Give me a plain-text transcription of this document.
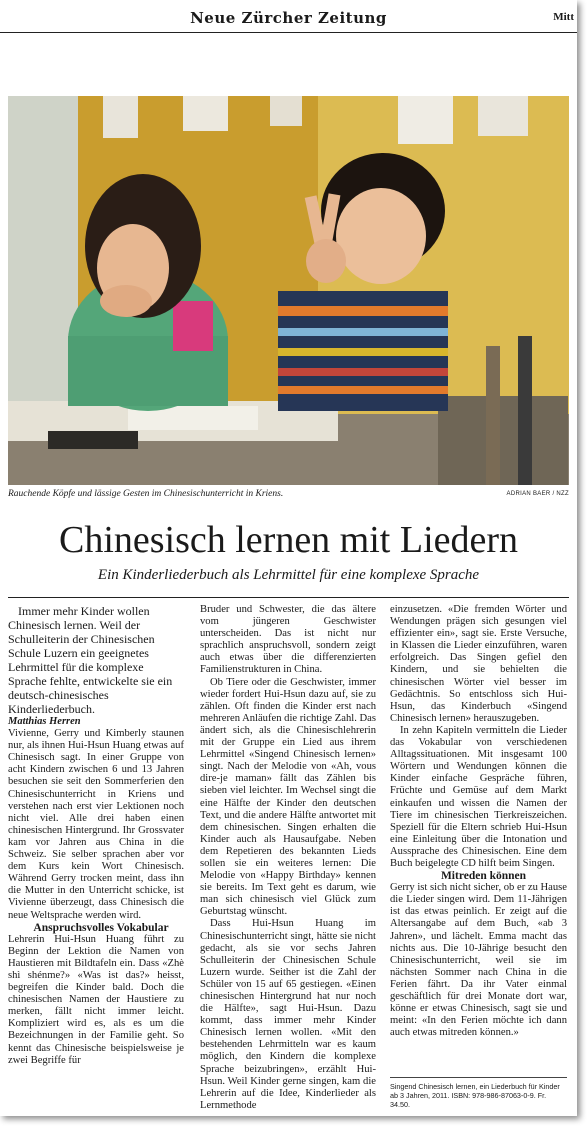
Neue Zürcher Zeitung	Mitt
Rauchende Köpfe und lässige Gesten im Chinesischunterricht in Kriens.	ADRIAN BAER / NZZ
Chinesisch lernen mit Liedern
Ein Kinderliederbuch als Lehrmittel für eine komplexe Sprache

Immer mehr Kinder wollen Chinesisch lernen. Weil der Schulleiterin der Chinesischen Schule Luzern ein geeignetes Lehrmittel für die komplexe Sprache fehlte, entwickelte sie ein deutsch-chinesisches Kinderliederbuch.

Matthias Herren

Vivienne, Gerry und Kimberly staunen nur, als ihnen Hui-Hsun Huang etwas auf Chinesisch sagt. In einer Gruppe von acht Kindern zwischen 6 und 13 Jahren besuchen sie seit den Sommerferien den Chinesischunterricht in Kriens und verstehen nach erst vier Lektionen noch nicht viel. Alle drei haben einen chinesischen Hintergrund. Ihr Grossvater kam vor Jahren aus China in die Schweiz. Sie selber sprachen aber vor dem Kurs kein Wort Chinesisch. Während Gerry trocken meint, dass ihn die Mutter in den Unterricht schicke, ist Vivienne überzeugt, dass Chinesisch die neue Weltsprache werden wird.

Anspruchsvolles Vokabular

Lehrerin Hui-Hsun Huang führt zu Beginn der Lektion die Namen von Haustieren mit Bildtafeln ein. Dass «Zhè shì shénme?» «Was ist das?» heisst, begreifen die Kinder bald. Doch die chinesischen Namen der Haustiere zu merken, fällt nicht immer leicht. Kompliziert wird es, als es um die Bezeichnungen in der Familie geht. So kennt das Chinesische beispielsweise je zwei Begriffe für

Bruder und Schwester, die das ältere vom jüngeren Geschwister unterscheiden. Das ist nicht nur sprachlich anspruchsvoll, sondern zeigt auch etwas über die differenzierten Familienstrukturen in China.

Ob Tiere oder die Geschwister, immer wieder fordert Hui-Hsun dazu auf, sie zu zählen. Oft finden die Kinder erst nach mehreren Anläufen die richtige Zahl. Das ändert sich, als die Chinesischlehrerin mit der Gruppe ein Lied aus ihrem Lehrmittel «Singend Chinesisch lernen» singt. Nach der Melodie von «Ah, vous dire-je maman» fällt das Zählen bis sieben viel leichter. Im Wechsel singt die eine Hälfte der Kinder den deutschen Text, und die andere Hälfte antwortet mit dem chinesischen. Singen erhalten die Kinder auch als Hausaufgabe. Neben dem Repetieren des bekannten Lieds sollen sie ein weiteres lernen: Die Melodie von «Happy Birthday» kennen sie bereits. Im Text geht es darum, wie man sich chinesisch viel Glück zum Geburtstag wünscht.

Dass Hui-Hsun Huang im Chinesischunterricht singt, hätte sie nicht gedacht, als sie vor sechs Jahren Schulleiterin der Chinesischen Schule Luzern wurde. Seither ist die Zahl der Schüler von 15 auf 65 gestiegen. «Einen chinesischen Hintergrund hat nur noch die Hälfte», sagt Hui-Hsun. Dazu kommt, dass immer mehr Kinder Chinesisch lernen wollen. «Mit den bestehenden Lehrmitteln war es kaum möglich, den Kindern die komplexe Sprache beizubringen», erzählt Hui-Hsun. Weil Kinder gerne singen, kam die Lehrerin auf die Idee, Kinderlieder als Lernmethode

einzusetzen. «Die fremden Wörter und Wendungen prägen sich gesungen viel effizienter ein», sagt sie. Erste Versuche, in Klassen die Lieder einzuführen, waren erfolgreich. Das Singen gefiel den Kindern, und sie behielten die chinesischen Wörter viel besser im Gedächtnis. So entschloss sich Hui-Hsun, das Kinderbuch «Singend Chinesisch lernen» herauszugeben.

In zehn Kapiteln vermitteln die Lieder das Vokabular von verschiedenen Alltagssituationen. Mit insgesamt 100 Wörtern und Wendungen können die Kinder einfache Gespräche führen, Früchte und Gemüse auf dem Markt einkaufen und wissen die Namen der Tiere im chinesischen Tierkreiszeichen. Speziell für die Eltern schrieb Hui-Hsun eine Einleitung über die Intonation und Aussprache des Chinesischen. Eine dem Buch beigelegte CD hilft beim Singen.

Mitreden können

Gerry ist sich nicht sicher, ob er zu Hause die Lieder singen wird. Dem 11-Jährigen ist das etwas peinlich. Er zeigt auf die Altersangabe auf dem Buch, «ab 3 Jahren», und lächelt. Emma macht das nichts aus. Die 10-Jährige besucht den Chinesischunterricht, weil sie im nächsten Sommer nach China in die Ferien fährt. Da ihr Vater einmal geschäftlich für drei Monate dort war, könne er etwas Chinesisch, sagt sie und meint: «In den Ferien möchte ich dann auch etwas mitreden können.»

Singend Chinesisch lernen, ein Liederbuch für Kinder ab 3 Jahren, 2011. ISBN: 978-986-87063-0-9. Fr. 34.50.
